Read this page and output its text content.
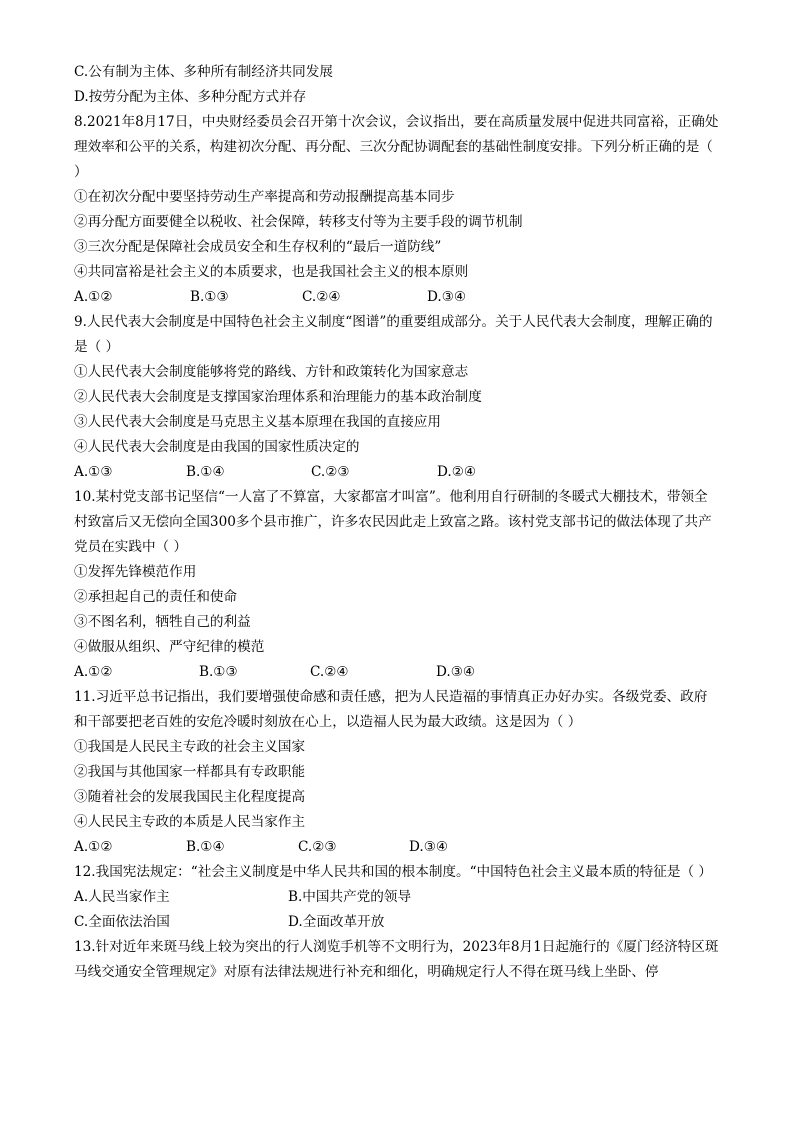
C.公有制为主体、多种所有制经济共同发展
D.按劳分配为主体、多种分配方式并存
8.2021年8月17日，中央财经委员会召开第十次会议，会议指出，要在高质量发展中促进共同富裕，正确处理效率和公平的关系，构建初次分配、再分配、三次分配协调配套的基础性制度安排。下列分析正确的是（ ）
①在初次分配中要坚持劳动生产率提高和劳动报酬提高基本同步
②再分配方面要健全以税收、社会保障，转移支付等为主要手段的调节机制
③三次分配是保障社会成员安全和生存权利的“最后一道防线”
④共同富裕是社会主义的本质要求，也是我国社会主义的根本原则
A.①②	B.①③	C.②④	D.③④
9.人民代表大会制度是中国特色社会主义制度“图谱”的重要组成部分。关于人民代表大会制度，理解正确的是（ ）
①人民代表大会制度能够将党的路线、方针和政策转化为国家意志
②人民代表大会制度是支撑国家治理体系和治理能力的基本政治制度
③人民代表大会制度是马克思主义基本原理在我国的直接应用
④人民代表大会制度是由我国的国家性质决定的
A.①③	B.①④	C.②③	D.②④
10.某村党支部书记坚信“一人富了不算富，大家都富才叫富”。他利用自行研制的冬暖式大棚技术，带领全村致富后又无偿向全国300多个县市推广，许多农民因此走上致富之路。该村党支部书记的做法体现了共产党员在实践中（ ）
①发挥先锋模范作用
②承担起自己的责任和使命
③不图名利，牺牲自己的利益
④做服从组织、严守纪律的模范
A.①②	B.①③	C.②④	D.③④
11.习近平总书记指出，我们要增强使命感和责任感，把为人民造福的事情真正办好办实。各级党委、政府和干部要把老百姓的安危冷暖时刻放在心上，以造福人民为最大政绩。这是因为（ ）
①我国是人民民主专政的社会主义国家
②我国与其他国家一样都具有专政职能
③随着社会的发展我国民主化程度提高
④人民民主专政的本质是人民当家作主
A.①②	B.①④	C.②③	D.③④
12.我国宪法规定：“社会主义制度是中华人民共和国的根本制度。“中国特色社会主义最本质的特征是（ ）
A.人民当家作主	B.中国共产党的领导
C.全面依法治国	D.全面改革开放
13.针对近年来斑马线上较为突出的行人浏览手机等不文明行为，2023年8月1日起施行的《厦门经济特区斑马线交通安全管理规定》对原有法律法规进行补充和细化，明确规定行人不得在斑马线上坐卧、停
